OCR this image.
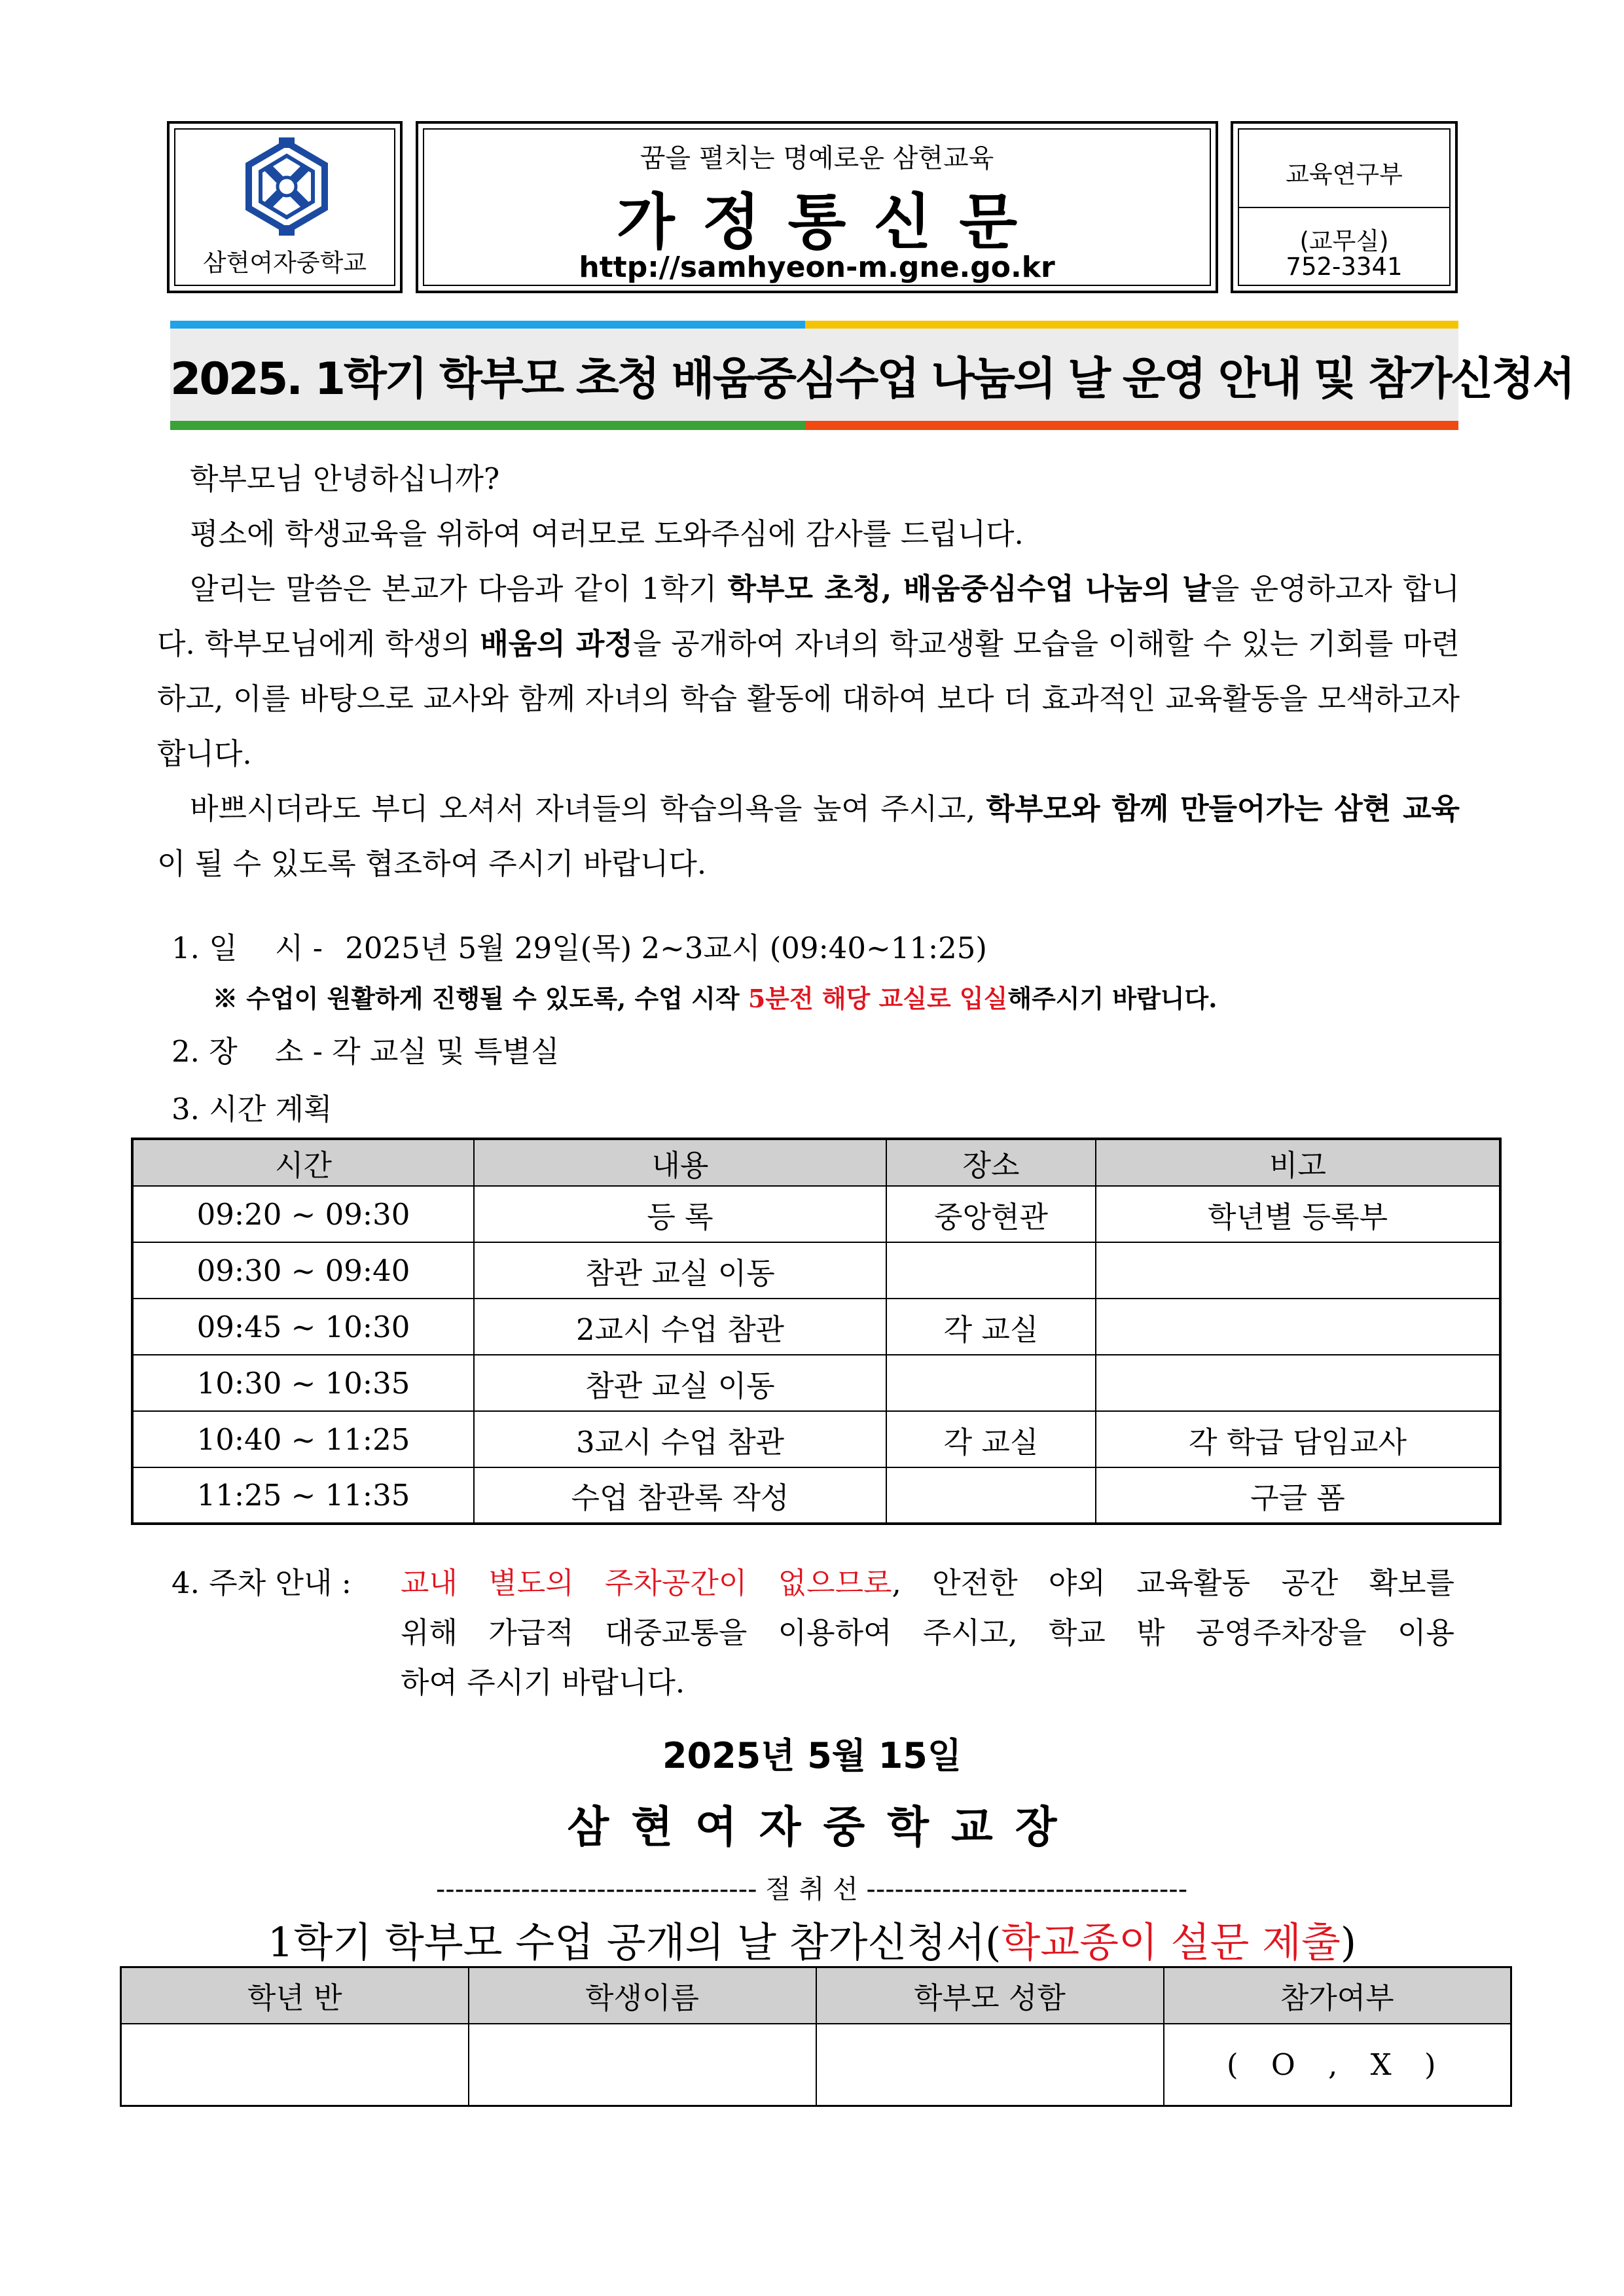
삼현여자중학교
꿈을 펼치는 명예로운 삼현교육
가정통신문
http://samhyeon-m.gne.go.kr
교육연구부
(교무실)
752-3341
2025. 1학기 학부모 초청 배움중심수업 나눔의 날 운영 안내 및 참가신청서
학부모님 안녕하십니까?
평소에 학생교육을 위하여 여러모로 도와주심에 감사를 드립니다.
알리는 말씀은 본교가 다음과 같이 1학기 학부모 초청, 배움중심수업 나눔의 날을 운영하고자 합니다. 학부모님에게 학생의 배움의 과정을 공개하여 자녀의 학교생활 모습을 이해할 수 있는 기회를 마련하고, 이를 바탕으로 교사와 함께 자녀의 학습 활동에 대하여 보다 더 효과적인 교육활동을 모색하고자 합니다.
바쁘시더라도 부디 오셔서 자녀들의 학습의욕을 높여 주시고, 학부모와 함께 만들어가는 삼현 교육이 될 수 있도록 협조하여 주시기 바랍니다.
1. 일    시 - 2025년 5월 29일(목) 2~3교시 (09:40~11:25)
※ 수업이 원활하게 진행될 수 있도록, 수업 시작 5분전 해당 교실로 입실해주시기 바랍니다.
2. 장    소 - 각 교실 및 특별실
3. 시간 계획
시간	내용	장소	비고
09:20 ~ 09:30	등 록	중앙현관	학년별 등록부
09:30 ~ 09:40	참관 교실 이동		
09:45 ~ 10:30	2교시 수업 참관	각 교실	
10:30 ~ 10:35	참관 교실 이동		
10:40 ~ 11:25	3교시 수업 참관	각 교실	각 학급 담임교사
11:25 ~ 11:35	수업 참관록 작성		구글 폼
4. 주차 안내 : 교내 별도의 주차공간이 없으므로, 안전한 야외 교육활동 공간 확보를
위해 가급적 대중교통을 이용하여 주시고, 학교 밖 공영주차장을 이용
하여 주시기 바랍니다.
2025년 5월 15일
삼현여자중학교장
---------------------------------- 절 취 선 ----------------------------------
1학기 학부모 수업 공개의 날 참가신청서(학교종이 설문 제출)
학년 반	학생이름	학부모 성함	참가여부
			( O , X )
